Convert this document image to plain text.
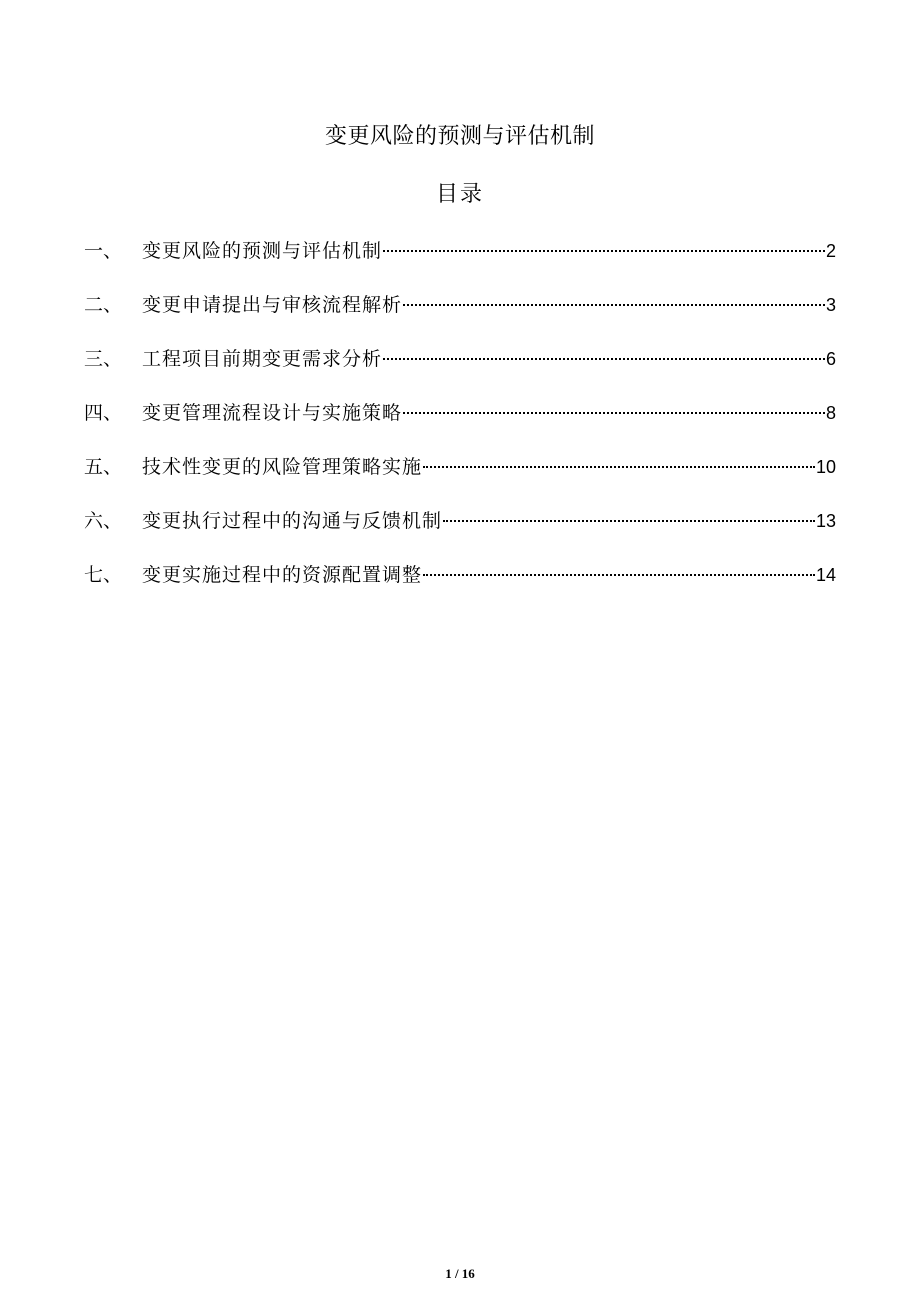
变更风险的预测与评估机制
目录
一、	变更风险的预测与评估机制	2
二、	变更申请提出与审核流程解析	3
三、	工程项目前期变更需求分析	6
四、	变更管理流程设计与实施策略	8
五、	技术性变更的风险管理策略实施	10
六、	变更执行过程中的沟通与反馈机制	13
七、	变更实施过程中的资源配置调整	14
1 / 16
